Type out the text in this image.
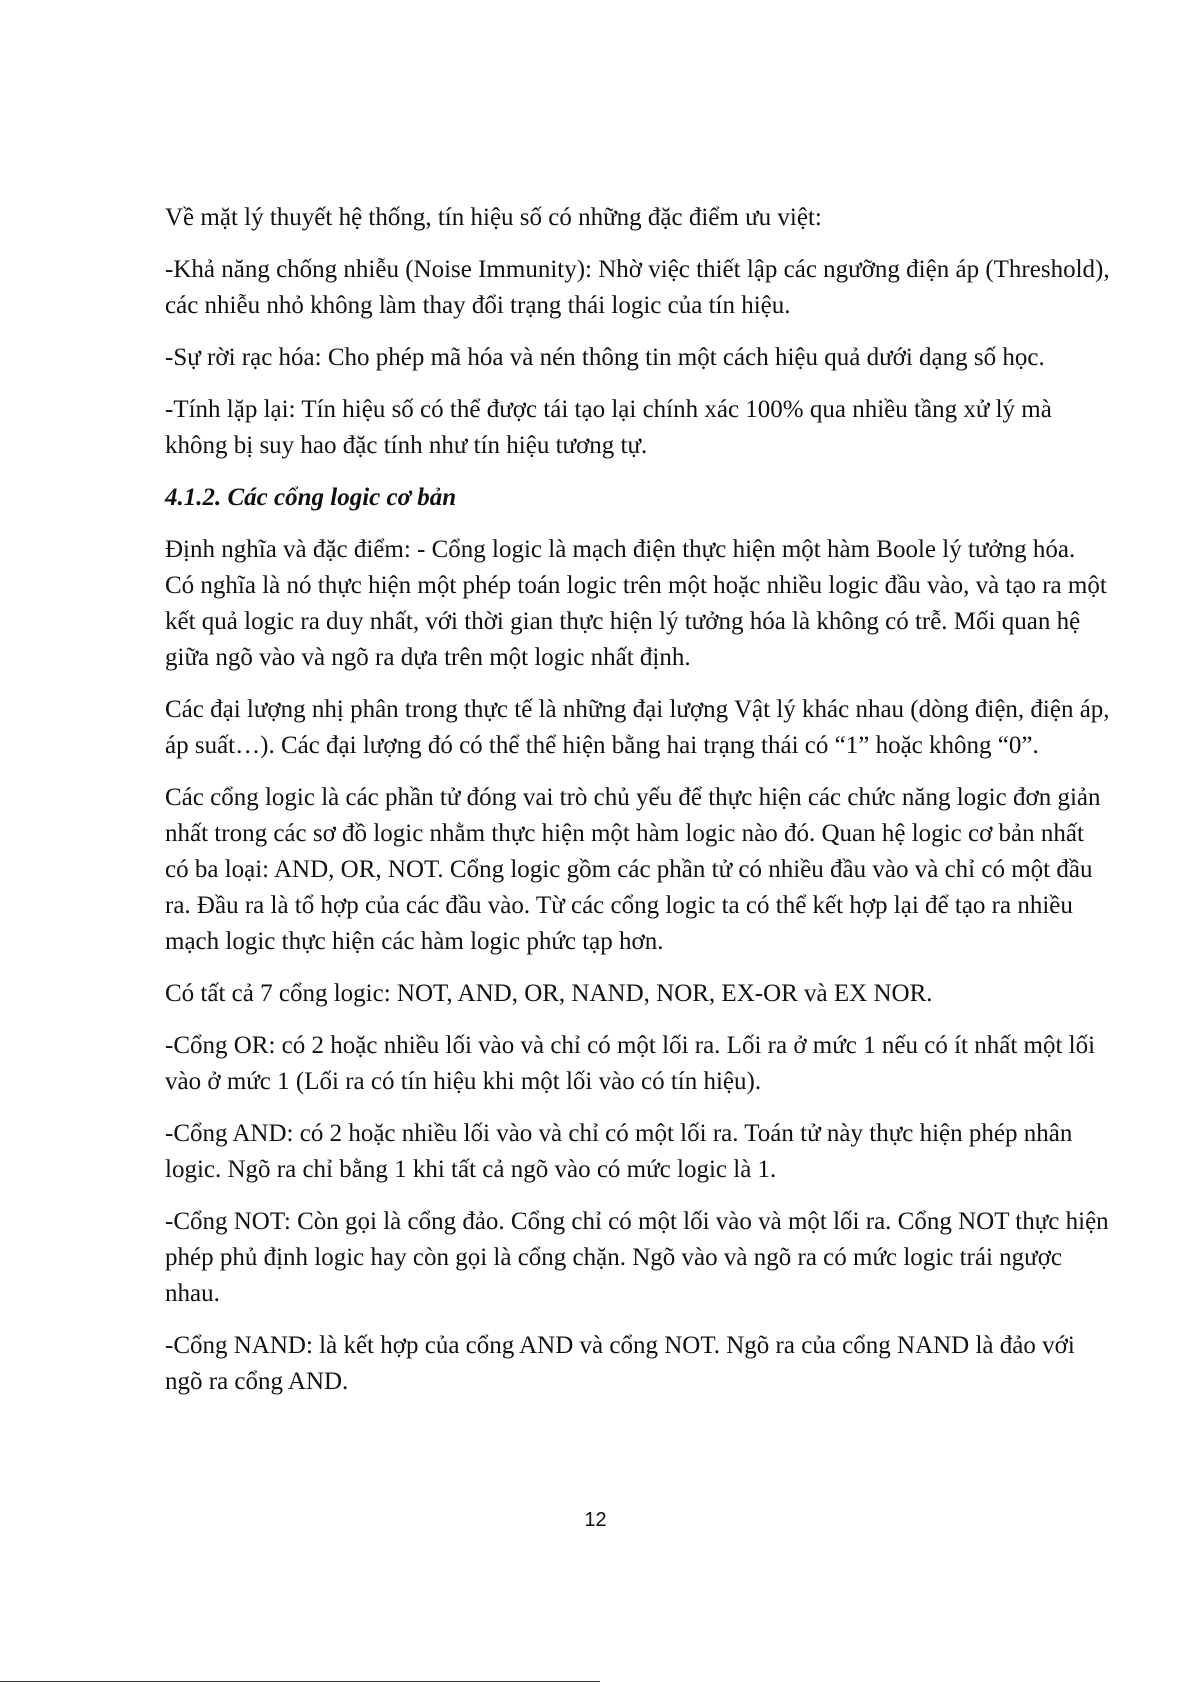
Về mặt lý thuyết hệ thống, tín hiệu số có những đặc điểm ưu việt:

-Khả năng chống nhiễu (Noise Immunity): Nhờ việc thiết lập các ngưỡng điện áp (Threshold), các nhiễu nhỏ không làm thay đổi trạng thái logic của tín hiệu.

-Sự rời rạc hóa: Cho phép mã hóa và nén thông tin một cách hiệu quả dưới dạng số học.

-Tính lặp lại: Tín hiệu số có thể được tái tạo lại chính xác 100% qua nhiều tầng xử lý mà không bị suy hao đặc tính như tín hiệu tương tự.

4.1.2. Các cổng logic cơ bản

Định nghĩa và đặc điểm: - Cổng logic là mạch điện thực hiện một hàm Boole lý tưởng hóa. Có nghĩa là nó thực hiện một phép toán logic trên một hoặc nhiều logic đầu vào, và tạo ra một kết quả logic ra duy nhất, với thời gian thực hiện lý tưởng hóa là không có trễ. Mối quan hệ giữa ngõ vào và ngõ ra dựa trên một logic nhất định.

Các đại lượng nhị phân trong thực tế là những đại lượng Vật lý khác nhau (dòng điện, điện áp, áp suất…). Các đại lượng đó có thể thể hiện bằng hai trạng thái có “1” hoặc không “0”.

Các cổng logic là các phần tử đóng vai trò chủ yếu để thực hiện các chức năng logic đơn giản nhất trong các sơ đồ logic nhằm thực hiện một hàm logic nào đó. Quan hệ logic cơ bản nhất có ba loại: AND, OR, NOT. Cổng logic gồm các phần tử có nhiều đầu vào và chỉ có một đầu ra. Đầu ra là tổ hợp của các đầu vào. Từ các cổng logic ta có thể kết hợp lại để tạo ra nhiều mạch logic thực hiện các hàm logic phức tạp hơn.

Có tất cả 7 cổng logic: NOT, AND, OR, NAND, NOR, EX-OR và EX NOR.

-Cổng OR: có 2 hoặc nhiều lối vào và chỉ có một lối ra. Lối ra ở mức 1 nếu có ít nhất một lối vào ở mức 1 (Lối ra có tín hiệu khi một lối vào có tín hiệu).

-Cổng AND: có 2 hoặc nhiều lối vào và chỉ có một lối ra. Toán tử này thực hiện phép nhân logic. Ngõ ra chỉ bằng 1 khi tất cả ngõ vào có mức logic là 1.

-Cổng NOT: Còn gọi là cổng đảo. Cổng chỉ có một lối vào và một lối ra. Cổng NOT thực hiện phép phủ định logic hay còn gọi là cổng chặn. Ngõ vào và ngõ ra có mức logic trái ngược nhau.

-Cổng NAND: là kết hợp của cổng AND và cổng NOT. Ngõ ra của cổng NAND là đảo với ngõ ra cổng AND.

12
